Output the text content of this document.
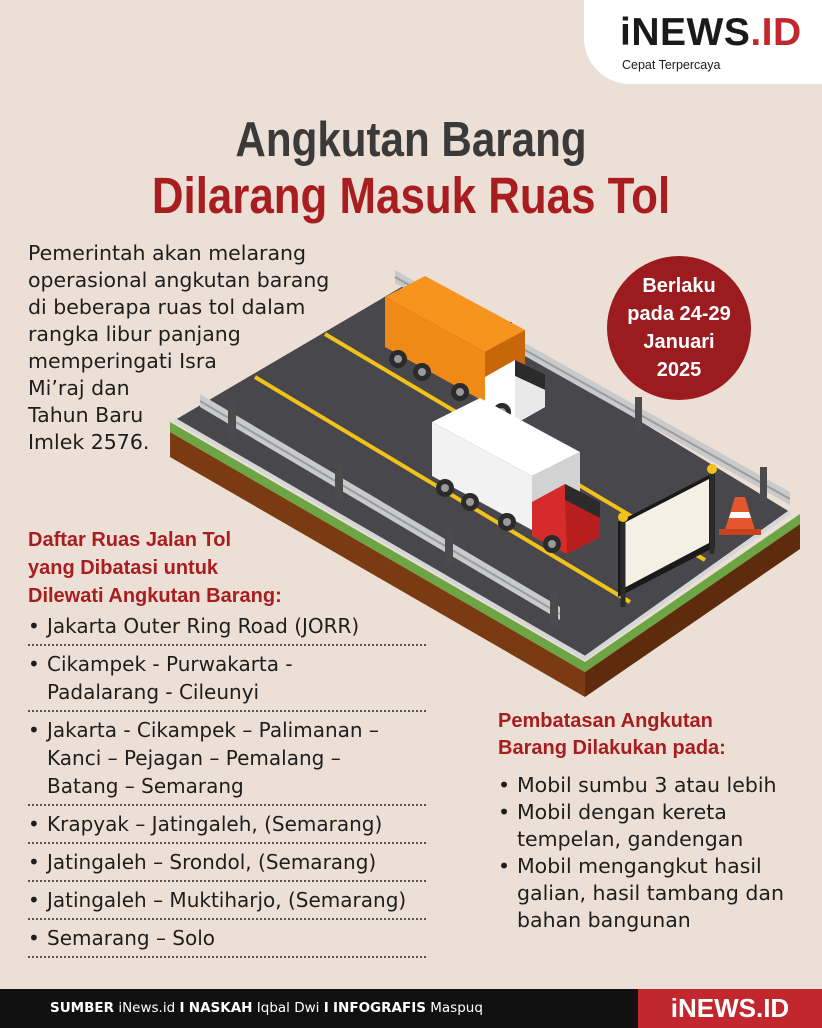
iNEWS.ID
Cepat Terpercaya
Angkutan Barang
Dilarang Masuk Ruas Tol
Pemerintah akan melarang
operasional angkutan barang
di beberapa ruas tol dalam
rangka libur panjang
memperingati Isra
Mi’raj dan
Tahun Baru
Imlek 2576.
Berlaku
pada 24-29
Januari
2025
Daftar Ruas Jalan Tol
yang Dibatasi untuk
Dilewati Angkutan Barang:
• Jakarta Outer Ring Road (JORR)
• Cikampek - Purwakarta -
Padalarang - Cileunyi
• Jakarta - Cikampek – Palimanan –
Kanci – Pejagan – Pemalang –
Batang – Semarang
• Krapyak – Jatingaleh, (Semarang)
• Jatingaleh – Srondol, (Semarang)
• Jatingaleh – Muktiharjo, (Semarang)
• Semarang – Solo
Pembatasan Angkutan
Barang Dilakukan pada:
• Mobil sumbu 3 atau lebih
• Mobil dengan kereta
tempelan, gandengan
• Mobil mengangkut hasil
galian, hasil tambang dan
bahan bangunan
SUMBER iNews.id I NASKAH Iqbal Dwi I INFOGRAFIS Maspuq	iNEWS.ID
